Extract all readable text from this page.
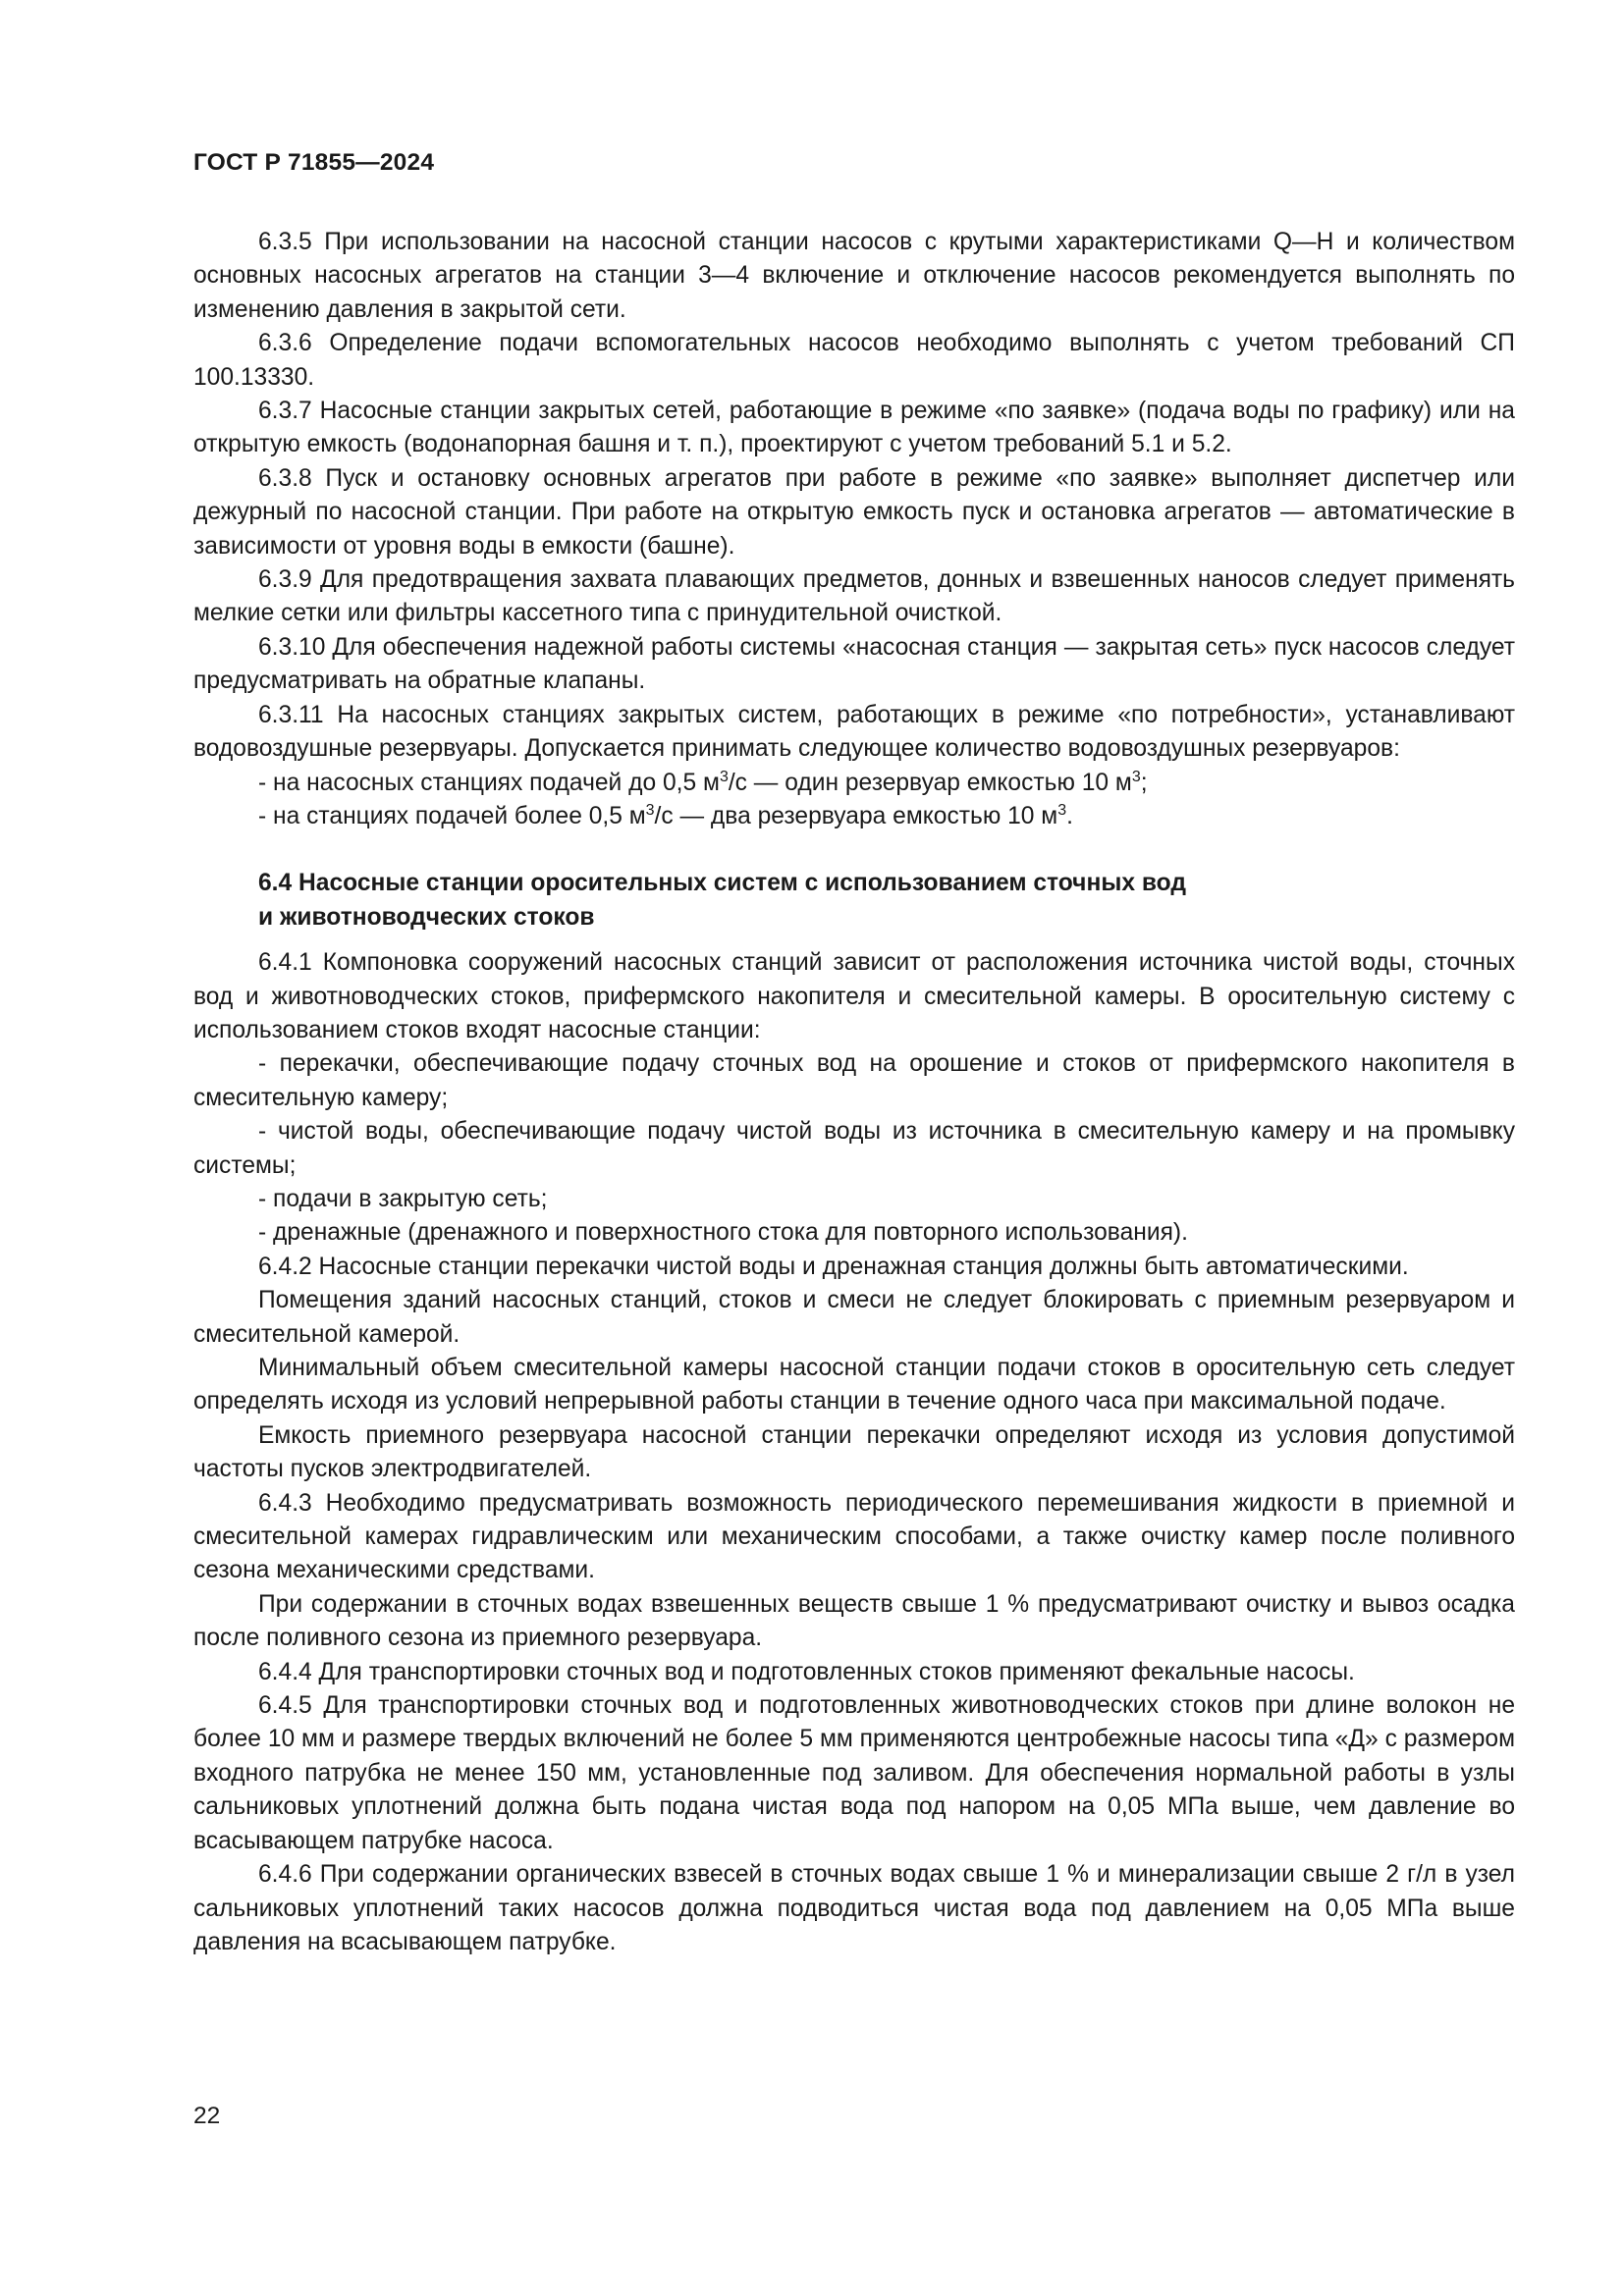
ГОСТ Р 71855—2024

6.3.5 При использовании на насосной станции насосов с крутыми характеристиками Q—H и количеством основных насосных агрегатов на станции 3—4 включение и отключение насосов рекомендуется выполнять по изменению давления в закрытой сети.

6.3.6 Определение подачи вспомогательных насосов необходимо выполнять с учетом требований СП 100.13330.

6.3.7 Насосные станции закрытых сетей, работающие в режиме «по заявке» (подача воды по графику) или на открытую емкость (водонапорная башня и т. п.), проектируют с учетом требований 5.1 и 5.2.

6.3.8 Пуск и остановку основных агрегатов при работе в режиме «по заявке» выполняет диспетчер или дежурный по насосной станции. При работе на открытую емкость пуск и остановка агрегатов — автоматические в зависимости от уровня воды в емкости (башне).

6.3.9 Для предотвращения захвата плавающих предметов, донных и взвешенных наносов следует применять мелкие сетки или фильтры кассетного типа с принудительной очисткой.

6.3.10 Для обеспечения надежной работы системы «насосная станция — закрытая сеть» пуск насосов следует предусматривать на обратные клапаны.

6.3.11 На насосных станциях закрытых систем, работающих в режиме «по потребности», устанавливают водовоздушные резервуары. Допускается принимать следующее количество водовоздушных резервуаров:

- на насосных станциях подачей до 0,5 $м^3/с$ — один резервуар емкостью 10 $м^3$;

- на станциях подачей более 0,5 $м^3/с$ — два резервуара емкостью 10 $м^3$.

6.4 Насосные станции оросительных систем с использованием сточных вод
и животноводческих стоков

6.4.1 Компоновка сооружений насосных станций зависит от расположения источника чистой воды, сточных вод и животноводческих стоков, прифермского накопителя и смесительной камеры. В оросительную систему с использованием стоков входят насосные станции:

- перекачки, обеспечивающие подачу сточных вод на орошение и стоков от прифермского накопителя в смесительную камеру;

- чистой воды, обеспечивающие подачу чистой воды из источника в смесительную камеру и на промывку системы;

- подачи в закрытую сеть;

- дренажные (дренажного и поверхностного стока для повторного использования).

6.4.2 Насосные станции перекачки чистой воды и дренажная станция должны быть автоматическими.

Помещения зданий насосных станций, стоков и смеси не следует блокировать с приемным резервуаром и смесительной камерой.

Минимальный объем смесительной камеры насосной станции подачи стоков в оросительную сеть следует определять исходя из условий непрерывной работы станции в течение одного часа при максимальной подаче.

Емкость приемного резервуара насосной станции перекачки определяют исходя из условия допустимой частоты пусков электродвигателей.

6.4.3 Необходимо предусматривать возможность периодического перемешивания жидкости в приемной и смесительной камерах гидравлическим или механическим способами, а также очистку камер после поливного сезона механическими средствами.

При содержании в сточных водах взвешенных веществ свыше 1 % предусматривают очистку и вывоз осадка после поливного сезона из приемного резервуара.

6.4.4 Для транспортировки сточных вод и подготовленных стоков применяют фекальные насосы.

6.4.5 Для транспортировки сточных вод и подготовленных животноводческих стоков при длине волокон не более 10 мм и размере твердых включений не более 5 мм применяются центробежные насосы типа «Д» с размером входного патрубка не менее 150 мм, установленные под заливом. Для обеспечения нормальной работы в узлы сальниковых уплотнений должна быть подана чистая вода под напором на 0,05 МПа выше, чем давление во всасывающем патрубке насоса.

6.4.6 При содержании органических взвесей в сточных водах свыше 1 % и минерализации свыше 2 г/л в узел сальниковых уплотнений таких насосов должна подводиться чистая вода под давлением на 0,05 МПа выше давления на всасывающем патрубке.

22
